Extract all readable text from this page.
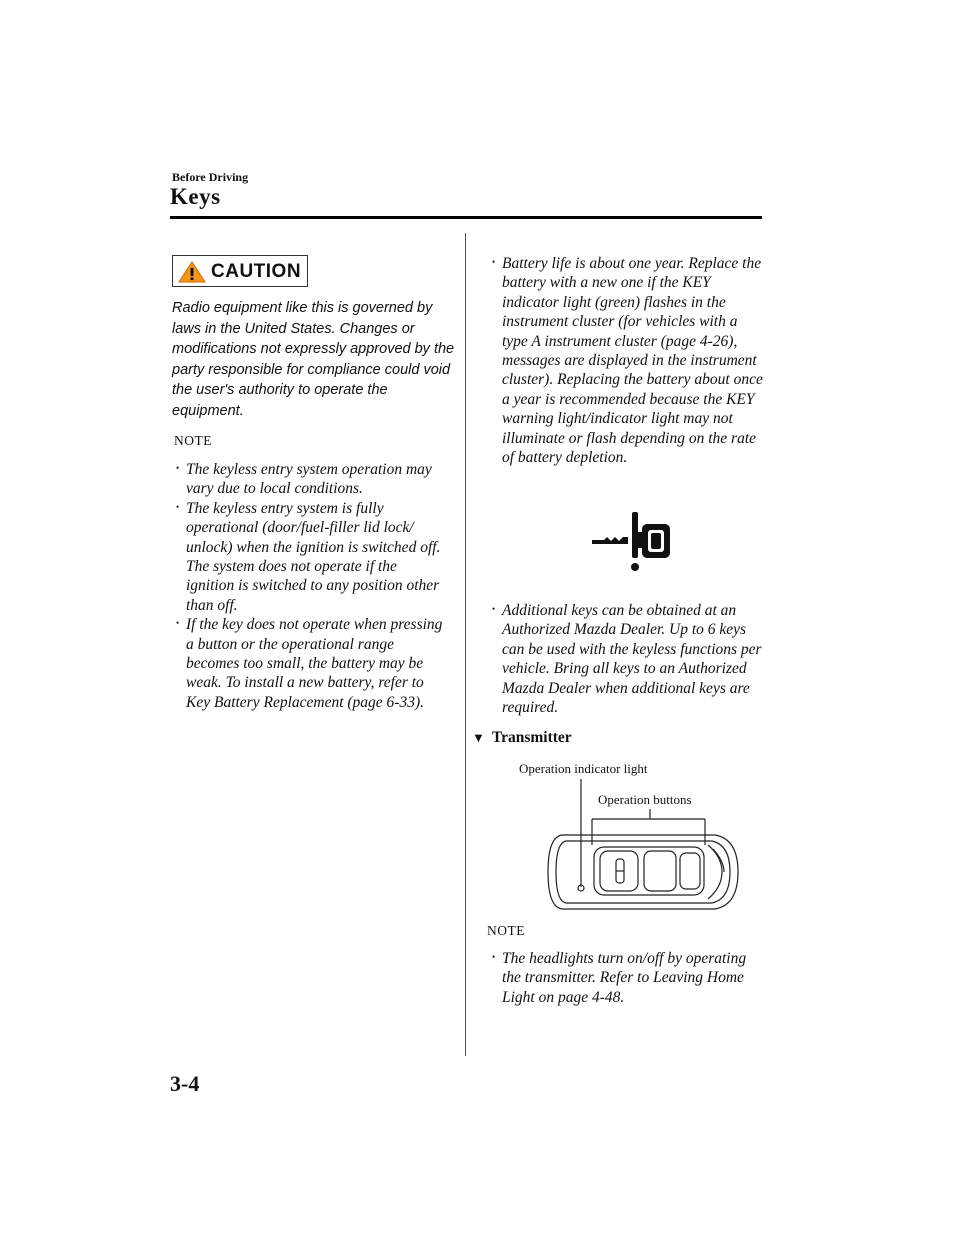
Before Driving
Keys
CAUTION
Radio equipment like this is governed by laws in the United States. Changes or modifications not expressly approved by the party responsible for compliance could void the user's authority to operate the equipment.
NOTE
• The keyless entry system operation may vary due to local conditions.
• The keyless entry system is fully operational (door/fuel-filler lid lock/ unlock) when the ignition is switched off. The system does not operate if the ignition is switched to any position other than off.
• If the key does not operate when pressing a button or the operational range becomes too small, the battery may be weak. To install a new battery, refer to Key Battery Replacement (page 6-33).
• Battery life is about one year. Replace the battery with a new one if the KEY indicator light (green) flashes in the instrument cluster (for vehicles with a type A instrument cluster (page 4-26), messages are displayed in the instrument cluster). Replacing the battery about once a year is recommended because the KEY warning light/indicator light may not illuminate or flash depending on the rate of battery depletion.
• Additional keys can be obtained at an Authorized Mazda Dealer. Up to 6 keys can be used with the keyless functions per vehicle. Bring all keys to an Authorized Mazda Dealer when additional keys are required.
▼ Transmitter
Operation indicator light
Operation buttons
NOTE
• The headlights turn on/off by operating the transmitter. Refer to Leaving Home Light on page 4-48.
3-4
